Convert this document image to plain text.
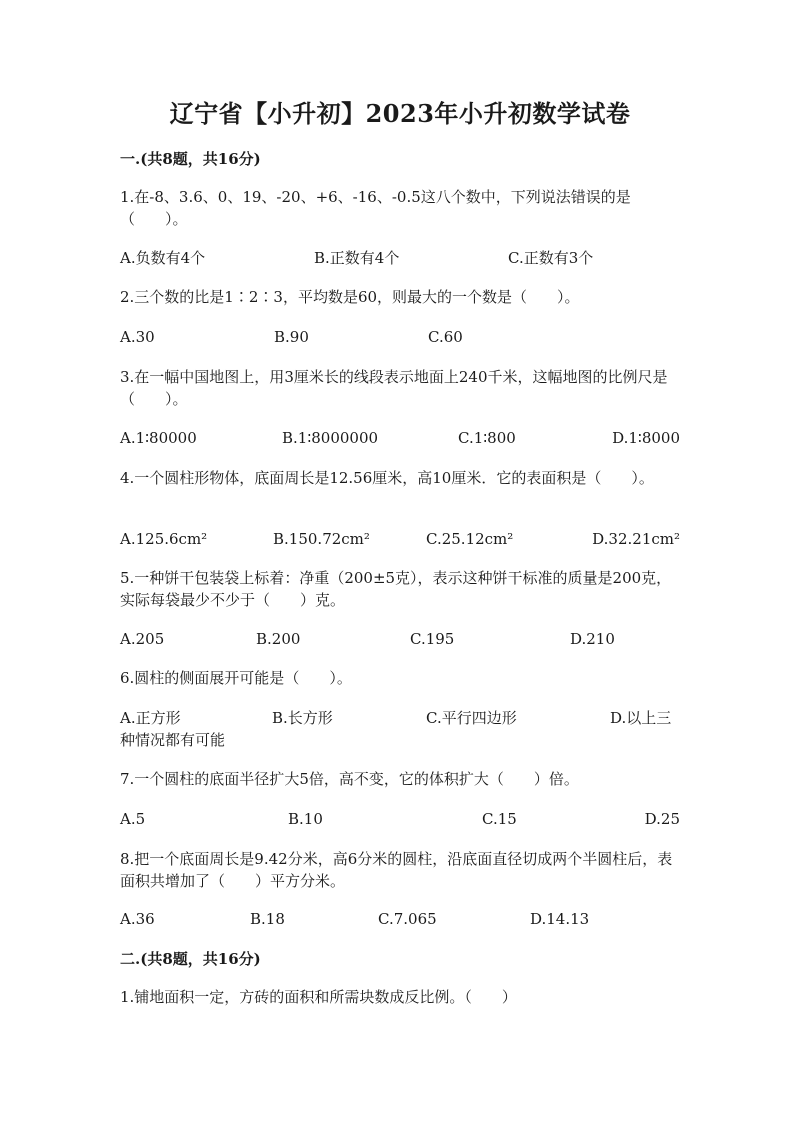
辽宁省【小升初】2023年小升初数学试卷
一.(共8题，共16分)
1.在-8、3.6、0、19、-20、+6、-16、-0.5这八个数中，下列说法错误的是（　　）。
A.负数有4个	B.正数有4个	C.正数有3个
2.三个数的比是1∶2∶3，平均数是60，则最大的一个数是（　　）。
A.30	B.90	C.60
3.在一幅中国地图上，用3厘米长的线段表示地面上240千米，这幅地图的比例尺是（　　）。
A.1∶80000	B.1∶8000000	C.1∶800	D.1∶8000
4.一个圆柱形物体，底面周长是12.56厘米，高10厘米．它的表面积是（　　）。
A.125.6cm²	B.150.72cm²	C.25.12cm²	D.32.21cm²
5.一种饼干包装袋上标着：净重（200±5克），表示这种饼干标准的质量是200克，实际每袋最少不少于（　　）克。
A.205	B.200	C.195	D.210
6.圆柱的侧面展开可能是（　　）。
A.正方形	B.长方形	C.平行四边形	D.以上三种情况都有可能
7.一个圆柱的底面半径扩大5倍，高不变，它的体积扩大（　　）倍。
A.5	B.10	C.15	D.25
8.把一个底面周长是9.42分米，高6分米的圆柱，沿底面直径切成两个半圆柱后，表面积共增加了（　　）平方分米。
A.36	B.18	C.7.065	D.14.13
二.(共8题，共16分)
1.铺地面积一定，方砖的面积和所需块数成反比例。（　　）
